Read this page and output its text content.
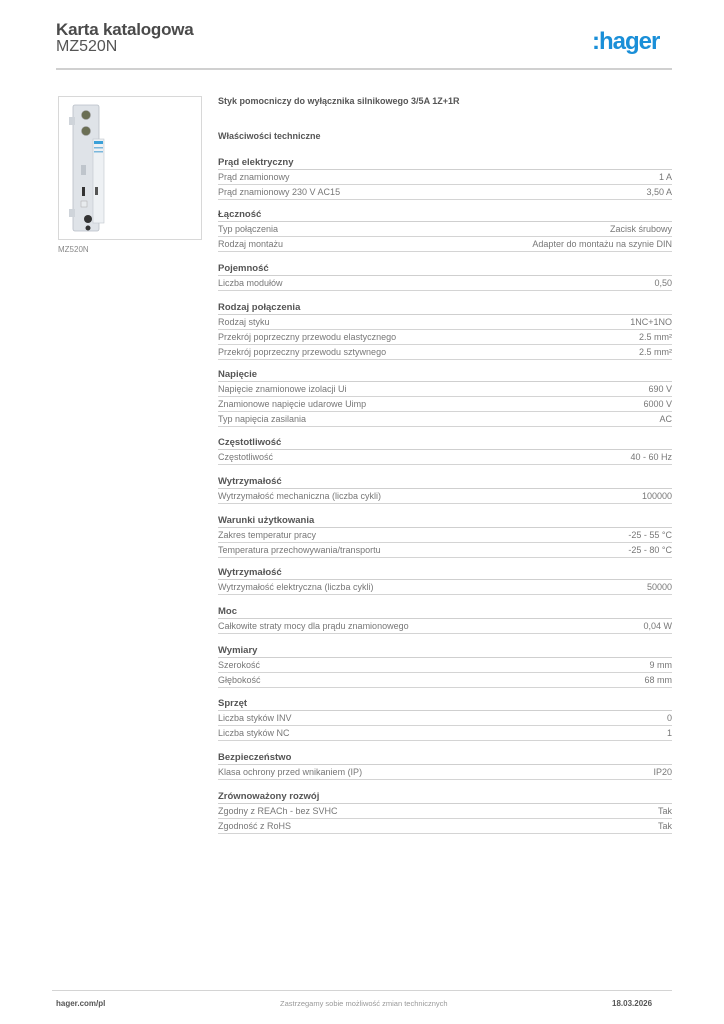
Karta katalogowa
MZ520N	:hager
MZ520N
Styk pomocniczy do wyłącznika silnikowego 3/5A 1Z+1R
Właściwości techniczne
Prąd elektryczny
Prąd znamionowy	1 A
Prąd znamionowy 230 V AC15	3,50 A
Łączność
Typ połączenia	Zacisk śrubowy
Rodzaj montażu	Adapter do montażu na szynie DIN
Pojemność
Liczba modułów	0,50
Rodzaj połączenia
Rodzaj styku	1NC+1NO
Przekrój poprzeczny przewodu elastycznego	2.5 mm²
Przekrój poprzeczny przewodu sztywnego	2.5 mm²
Napięcie
Napięcie znamionowe izolacji Ui	690 V
Znamionowe napięcie udarowe Uimp	6000 V
Typ napięcia zasilania	AC
Częstotliwość
Częstotliwość	40 - 60 Hz
Wytrzymałość
Wytrzymałość mechaniczna (liczba cykli)	100000
Warunki użytkowania
Zakres temperatur pracy	-25 - 55 °C
Temperatura przechowywania/transportu	-25 - 80 °C
Wytrzymałość
Wytrzymałość elektryczna (liczba cykli)	50000
Moc
Całkowite straty mocy dla prądu znamionowego	0,04 W
Wymiary
Szerokość	9 mm
Głębokość	68 mm
Sprzęt
Liczba styków INV	0
Liczba styków NC	1
Bezpieczeństwo
Klasa ochrony przed wnikaniem (IP)	IP20
Zrównoważony rozwój
Zgodny z REACh - bez SVHC	Tak
Zgodność z RoHS	Tak
hager.com/pl	Zastrzegamy sobie możliwość zmian technicznych	18.03.2026
